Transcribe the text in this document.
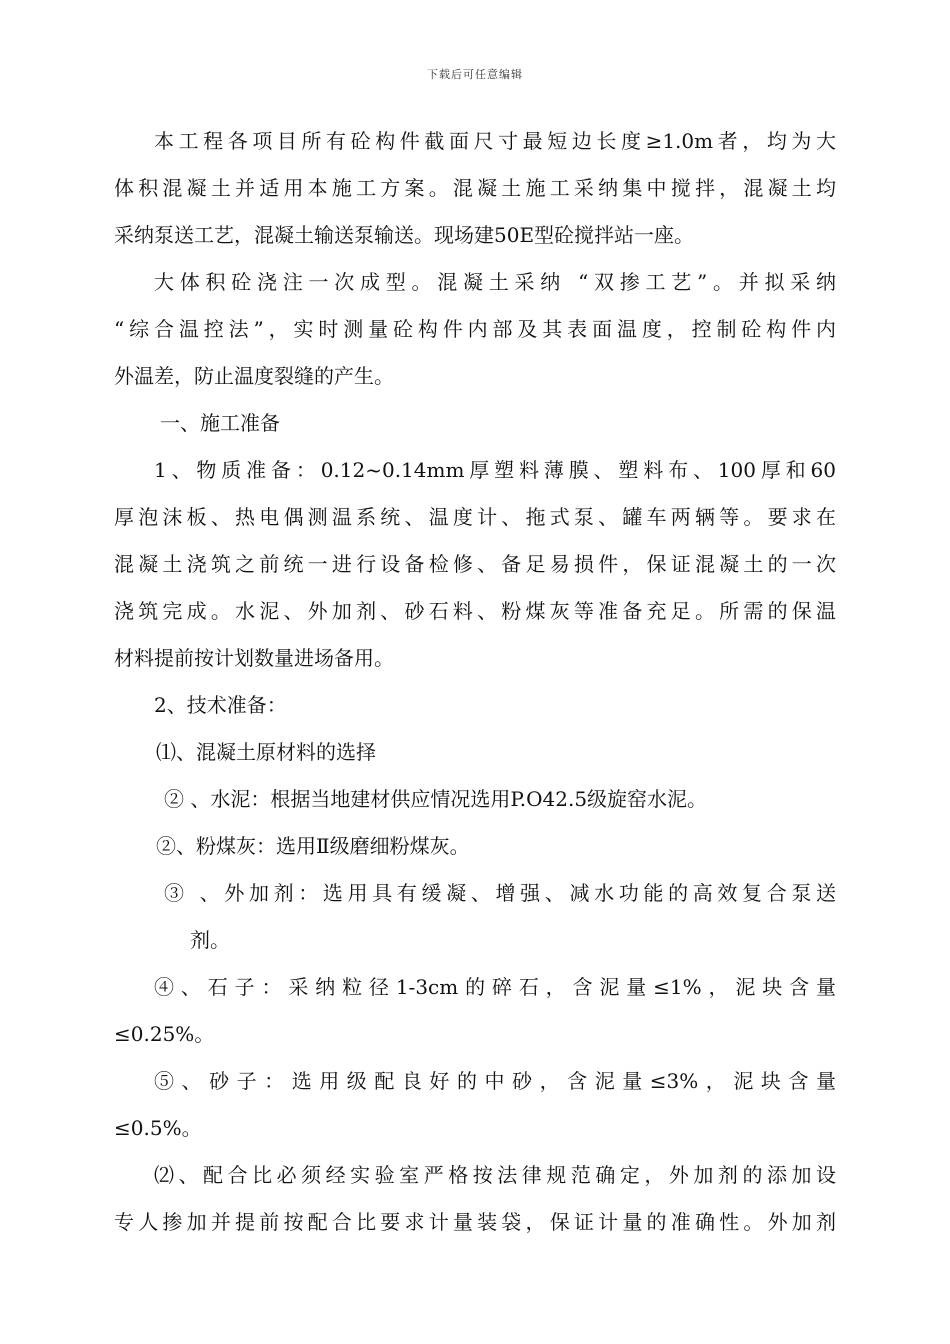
下载后可任意编辑
本工程各项目所有砼构件截面尺寸最短边长度≥1.0m者，均为大
体积混凝土并适用本施工方案。混凝土施工采纳集中搅拌，混凝土均
采纳泵送工艺，混凝土输送泵输送。现场建50E型砼搅拌站一座。
大体积砼浇注一次成型。混凝土采纳 “双掺工艺”。并拟采纳
“综合温控法”，实时测量砼构件内部及其表面温度，控制砼构件内
外温差，防止温度裂缝的产生。
一、施工准备
1、物质准备：0.12~0.14mm厚塑料薄膜、塑料布、100厚和60
厚泡沫板、热电偶测温系统、温度计、拖式泵、罐车两辆等。要求在
混凝土浇筑之前统一进行设备检修、备足易损件，保证混凝土的一次
浇筑完成。水泥、外加剂、砂石料、粉煤灰等准备充足。所需的保温
材料提前按计划数量进场备用。
2、技术准备：
⑴、混凝土原材料的选择
② 、水泥：根据当地建材供应情况选用P.O42.5级旋窑水泥。
②、粉煤灰：选用Ⅱ级磨细粉煤灰。
③ 、外加剂：选用具有缓凝、增强、减水功能的高效复合泵送
剂。
④、石子：采纳粒径1-3cm的碎石，含泥量≤1%，泥块含量
≤0.25%。
⑤、砂子：选用级配良好的中砂，含泥量≤3%，泥块含量
≤0.5%。
⑵、配合比必须经实验室严格按法律规范确定，外加剂的添加设
专人掺加并提前按配合比要求计量装袋，保证计量的准确性。外加剂
